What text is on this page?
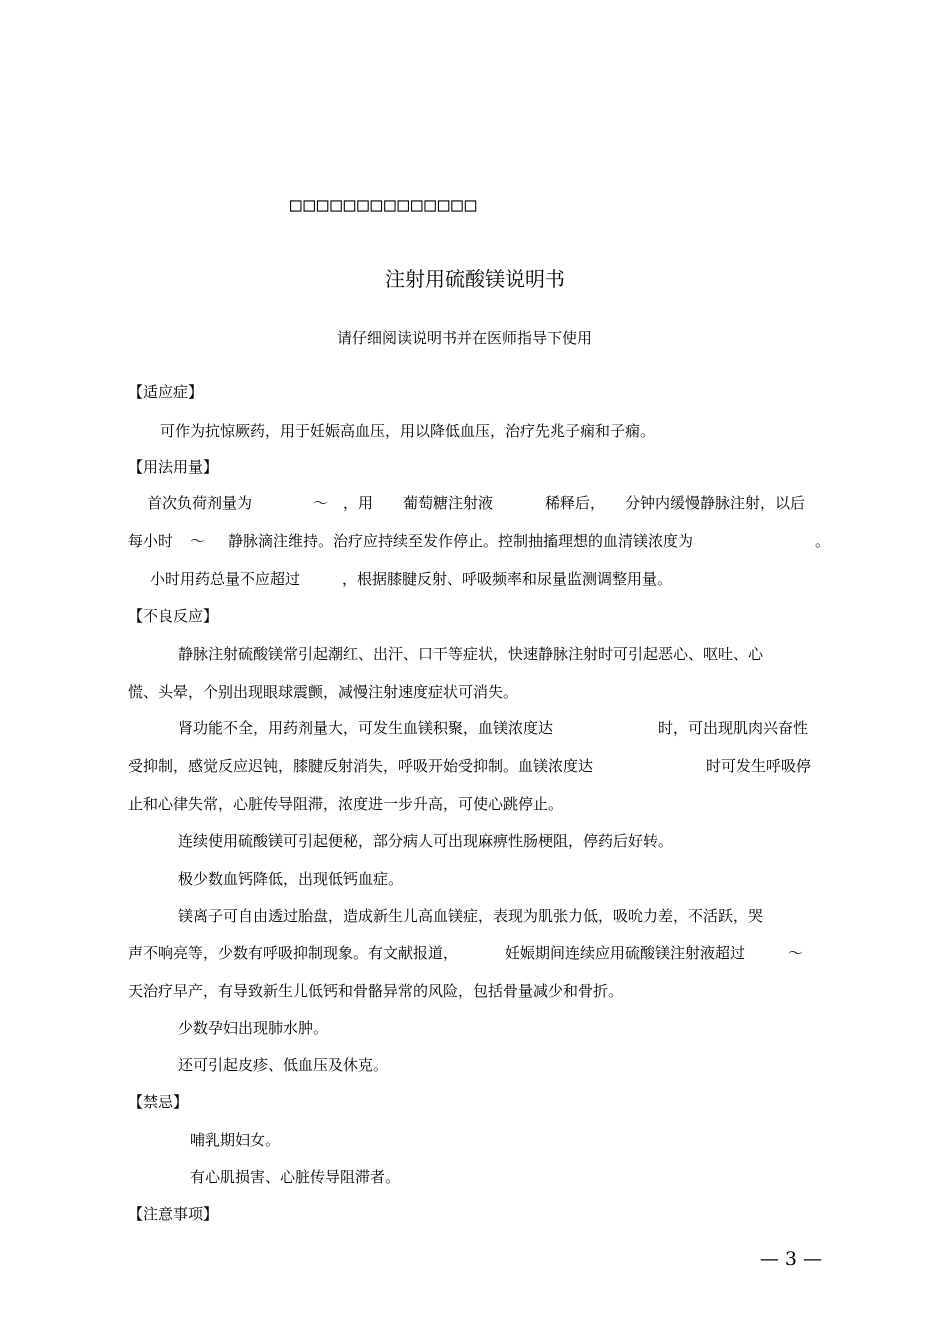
□□□□□□□□□□□□□□
注射用硫酸镁说明书
请仔细阅读说明书并在医师指导下使用
【适应症】
可作为抗惊厥药，用于妊娠高血压，用以降低血压，治疗先兆子痫和子痫。
【用法用量】
首次负荷剂量为	～ ，用 葡萄糖注射液	稀释后， 分钟内缓慢静脉注射，以后
每小时 ～ 静脉滴注维持。治疗应持续至发作停止。控制抽搐理想的血清镁浓度为	。
小时用药总量不应超过	，根据膝腱反射、呼吸频率和尿量监测调整用量。
【不良反应】
静脉注射硫酸镁常引起潮红、出汗、口干等症状，快速静脉注射时可引起恶心、呕吐、心
慌、头晕，个别出现眼球震颤，减慢注射速度症状可消失。
肾功能不全，用药剂量大，可发生血镁积聚，血镁浓度达	时，可出现肌肉兴奋性
受抑制，感觉反应迟钝，膝腱反射消失，呼吸开始受抑制。血镁浓度达	时可发生呼吸停
止和心律失常，心脏传导阻滞，浓度进一步升高，可使心跳停止。
连续使用硫酸镁可引起便秘，部分病人可出现麻痹性肠梗阻，停药后好转。
极少数血钙降低，出现低钙血症。
镁离子可自由透过胎盘，造成新生儿高血镁症，表现为肌张力低，吸吮力差，不活跃，哭
声不响亮等，少数有呼吸抑制现象。有文献报道，	妊娠期间连续应用硫酸镁注射液超过	～
天治疗早产，有导致新生儿低钙和骨骼异常的风险，包括骨量减少和骨折。
少数孕妇出现肺水肿。
还可引起皮疹、低血压及休克。
【禁忌】
哺乳期妇女。
有心肌损害、心脏传导阻滞者。
【注意事项】
— 3 —
